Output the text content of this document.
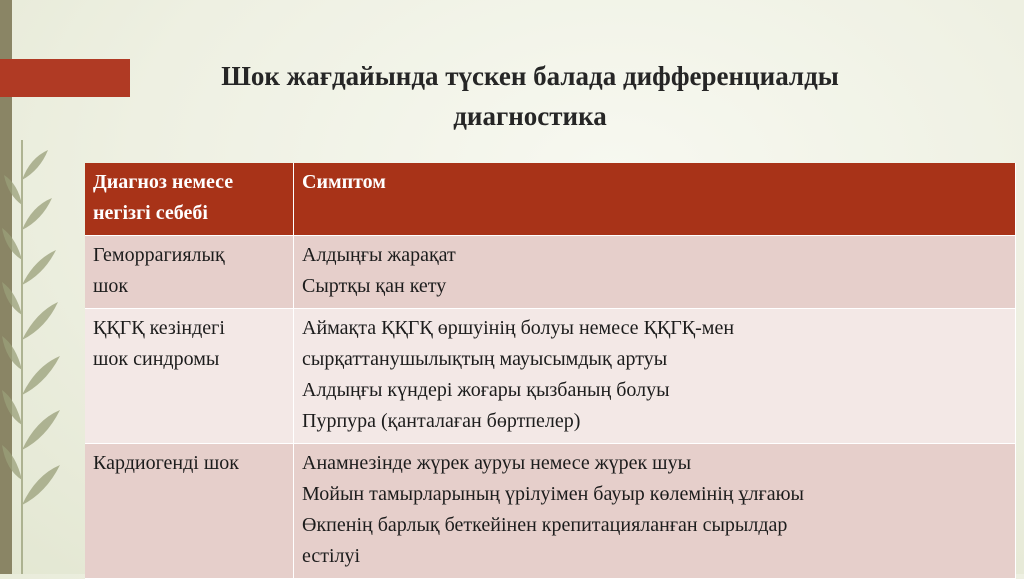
Шок жағдайында түскен балада дифференциалды
диагностика
Диагноз немесе негізгі себебі	Симптом

Геморрагиялық
шок	Алдыңғы жарақат
Сыртқы қан кету

ҚҚГҚ кезіндегі
шок синдромы	Аймақта ҚҚГҚ өршуінің болуы немесе ҚҚГҚ-мен
сырқаттанушылықтың мауысымдық артуы
Алдыңғы күндері жоғары қызбаның болуы
Пурпура (қанталаған бөртпелер)

Кардиогенді шок	Анамнезінде жүрек ауруы немесе жүрек шуы
Мойын тамырларының үрілуімен бауыр көлемінің ұлғаюы
Өкпенің барлық беткейінен крепитацияланған сырылдар
естілуі
